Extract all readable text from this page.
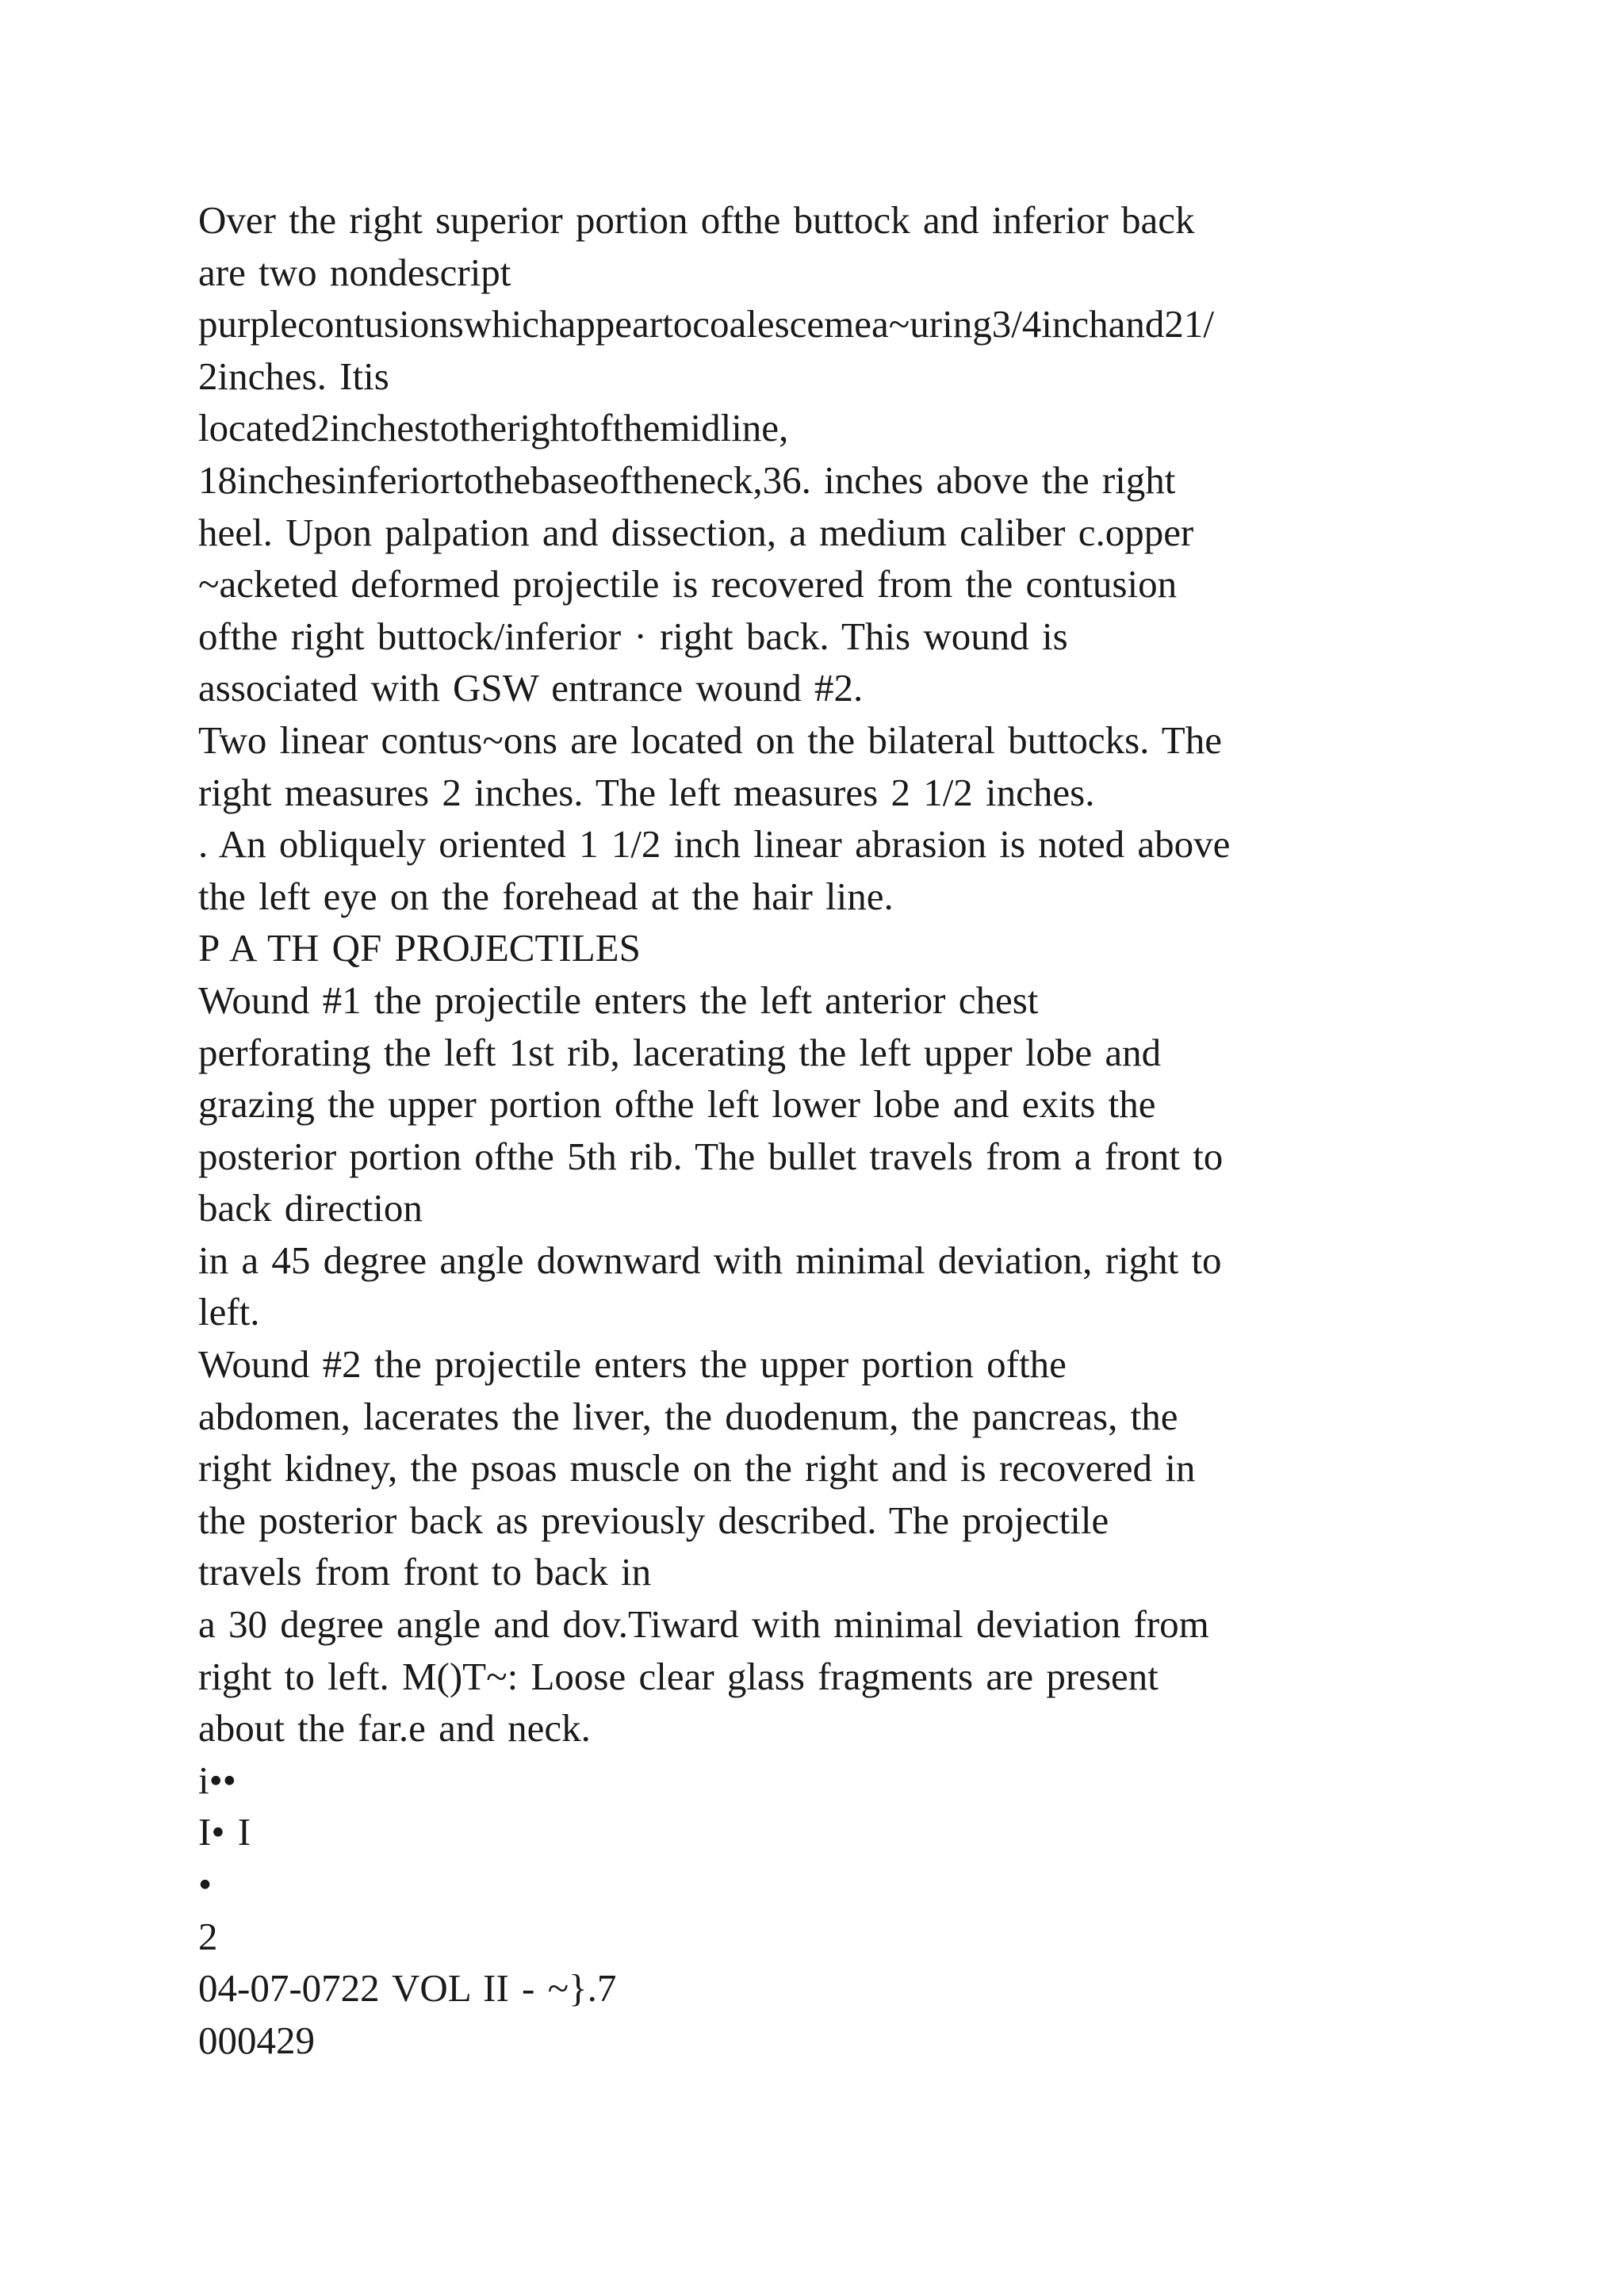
Over the right superior portion ofthe buttock and inferior back
are two nondescript
purplecontusionswhichappeartocoalescemea~uring3/4inchand21/
2inches. Itis
located2inchestotherightofthemidline,
18inchesinferiortothebaseoftheneck,36. inches above the right
heel. Upon palpation and dissection, a medium caliber c.opper
~acketed deformed projectile is recovered from the contusion
ofthe right buttock/inferior · right back. This wound is
associated with GSW entrance wound #2.
Two linear contus~ons are located on the bilateral buttocks. The
right measures 2 inches. The left measures 2 1/2 inches.
. An obliquely oriented 1 1/2 inch linear abrasion is noted above
the left eye on the forehead at the hair line.
P A TH QF PROJECTILES
Wound #1 the projectile enters the left anterior chest
perforating the left 1st rib, lacerating the left upper lobe and
grazing the upper portion ofthe left lower lobe and exits the
posterior portion ofthe 5th rib. The bullet travels from a front to
back direction
in a 45 degree angle downward with minimal deviation, right to
left.
Wound #2 the projectile enters the upper portion ofthe
abdomen, lacerates the liver, the duodenum, the pancreas, the
right kidney, the psoas muscle on the right and is recovered in
the posterior back as previously described. The projectile
travels from front to back in
a 30 degree angle and dov.Tiward with minimal deviation from
right to left. M()T~: Loose clear glass fragments are present
about the far.e and neck.
i••
I• I
•
2
04-07-0722 VOL II - ~}.7
000429
